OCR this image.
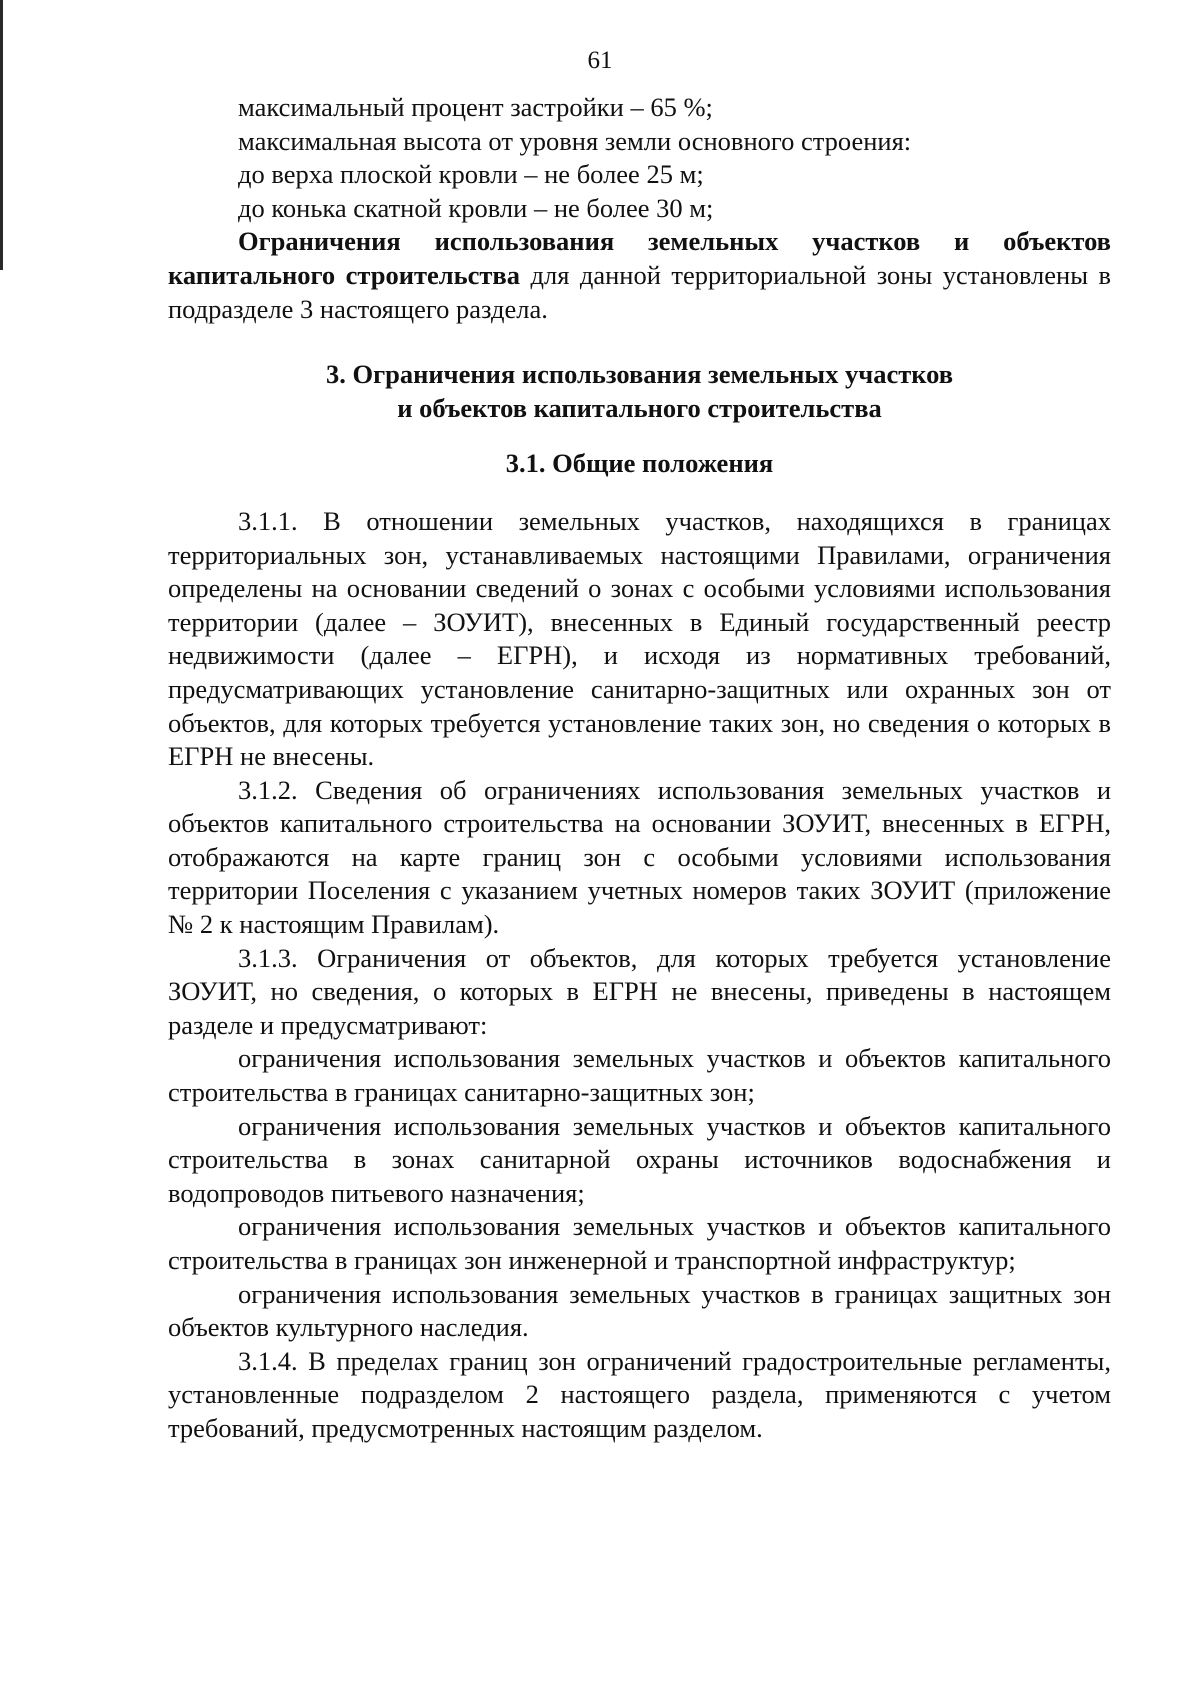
61

максимальный процент застройки – 65 %;

максимальная высота от уровня земли основного строения:

до верха плоской кровли – не более 25 м;

до конька скатной кровли – не более 30 м;

Ограничения использования земельных участков и объектов капитального строительства для данной территориальной зоны установлены в подразделе 3 настоящего раздела.

3. Ограничения использования земельных участков
и объектов капитального строительства

3.1. Общие положения

3.1.1. В отношении земельных участков, находящихся в границах территориальных зон, устанавливаемых настоящими Правилами, ограничения определены на основании сведений о зонах с особыми условиями использования территории (далее – ЗОУИТ), внесенных в Единый государственный реестр недвижимости (далее – ЕГРН), и исходя из нормативных требований, предусматривающих установление санитарно-защитных или охранных зон от объектов, для которых требуется установление таких зон, но сведения о которых в ЕГРН не внесены.

3.1.2. Сведения об ограничениях использования земельных участков и объектов капитального строительства на основании ЗОУИТ, внесенных в ЕГРН, отображаются на карте границ зон с особыми условиями использования территории Поселения с указанием учетных номеров таких ЗОУИТ (приложение № 2 к настоящим Правилам).

3.1.3. Ограничения от объектов, для которых требуется установление ЗОУИТ, но сведения, о которых в ЕГРН не внесены, приведены в настоящем разделе и предусматривают:

ограничения использования земельных участков и объектов капитального строительства в границах санитарно-защитных зон;

ограничения использования земельных участков и объектов капитального строительства в зонах санитарной охраны источников водоснабжения и водопроводов питьевого назначения;

ограничения использования земельных участков и объектов капитального строительства в границах зон инженерной и транспортной инфраструктур;

ограничения использования земельных участков в границах защитных зон объектов культурного наследия.

3.1.4. В пределах границ зон ограничений градостроительные регламенты, установленные подразделом 2 настоящего раздела, применяются с учетом требований, предусмотренных настоящим разделом.
